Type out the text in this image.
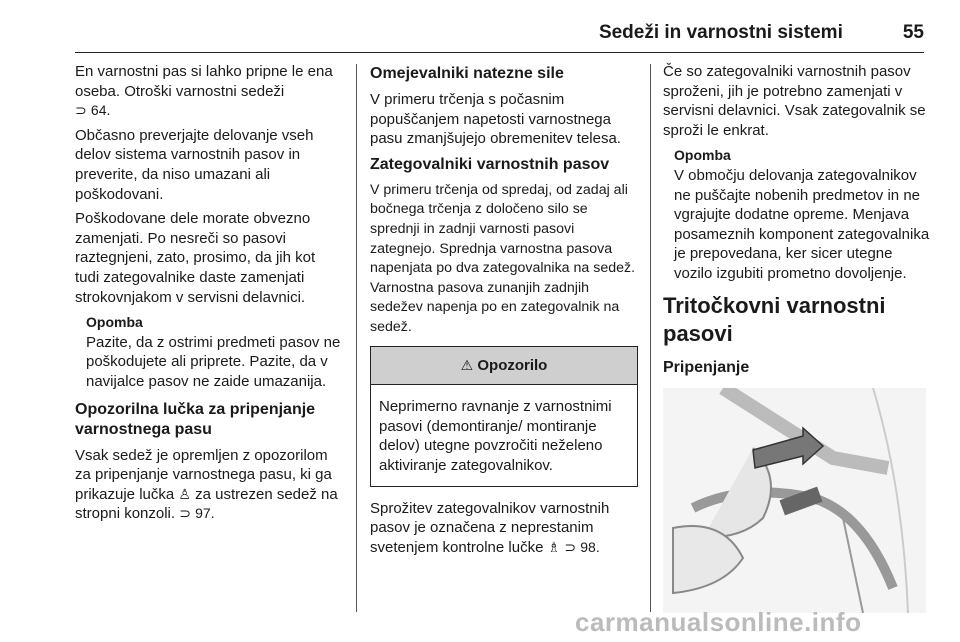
Sedeži in varnostni sistemi	55

En varnostni pas si lahko pripne le ena oseba. Otroški varnostni sedeži
⊃ 64.

Občasno preverjajte delovanje vseh delov sistema varnostnih pasov in preverite, da niso umazani ali poškodovani.

Poškodovane dele morate obvezno zamenjati. Po nesreči so pasovi raztegnjeni, zato, prosimo, da jih kot tudi zategovalnike daste zamenjati strokovnjakom v servisni delavnici.

Opomba
Pazite, da z ostrimi predmeti pasov ne poškodujete ali priprete. Pazite, da v navijalce pasov ne zaide umazanija.
Opozorilna lučka za pripenjanje varnostnega pasu

Vsak sedež je opremljen z opozorilom za pripenjanje varnostnega pasu, ki ga prikazuje lučka ♙ za ustrezen sedež na stropni konzoli. ⊃ 97.

Omejevalniki natezne sile

V primeru trčenja s počasnim popuščanjem napetosti varnostnega pasu zmanjšujejo obremenitev telesa.

Zategovalniki varnostnih pasov

V primeru trčenja od spredaj, od zadaj ali bočnega trčenja z določeno silo se sprednji in zadnji varnosti pasovi zategnejo. Sprednja varnostna pasova napenjata po dva zategovalnika na sedež. Varnostna pasova zunanjih zadnjih sedežev napenja po en zategovalnik na sedež.

⚠ Opozorilo
Neprimerno ravnanje z varnostnimi pasovi (demontiranje/ montiranje delov) utegne povzročiti neželeno aktiviranje zategovalnikov.

Sprožitev zategovalnikov varnostnih pasov je označena z neprestanim svetenjem kontrolne lučke ♗ ⊃ 98.

Če so zategovalniki varnostnih pasov sproženi, jih je potrebno zamenjati v servisni delavnici. Vsak zategovalnik se sproži le enkrat.

Opomba
V območju delovanja zategovalnikov ne puščajte nobenih predmetov in ne vgrajujte dodatne opreme. Menjava posameznih komponent zategovalnika je prepovedana, ker sicer utegne vozilo izgubiti prometno dovoljenje.
Tritočkovni varnostni pasovi
Pripenjanje
carmanualsonline.info
